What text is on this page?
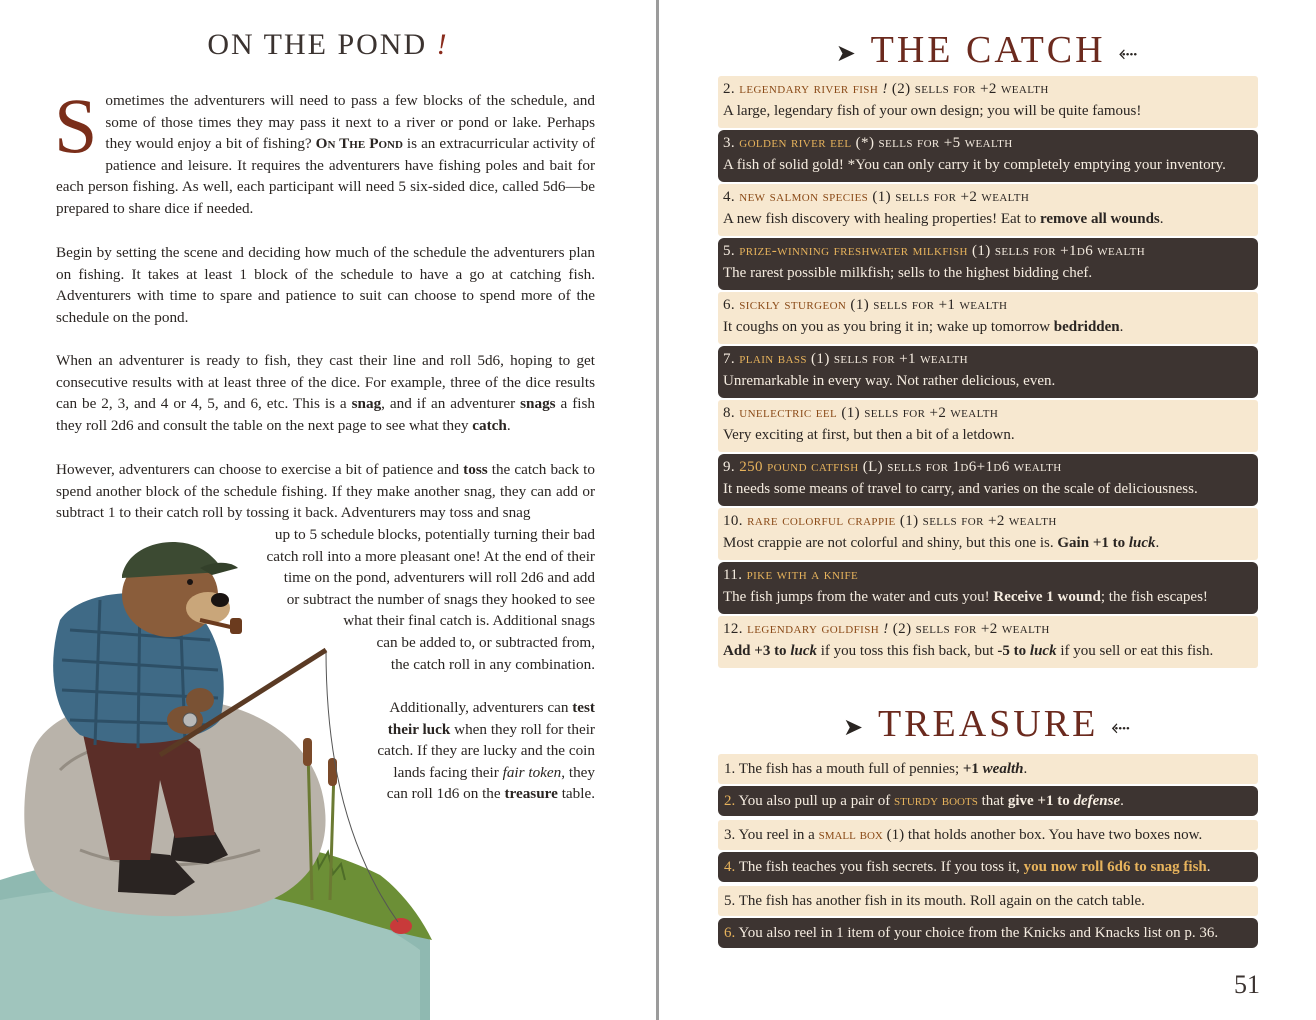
ON THE POND !

Sometimes the adventurers will need to pass a few blocks of the schedule, and some of those times they may pass it next to a river or pond or lake. Perhaps they would enjoy a bit of fishing? On The Pond is an extracurricular activity of patience and leisure. It requires the adventurers have fishing poles and bait for each person fishing. As well, each participant will need 5 six-sided dice, called 5d6—be prepared to share dice if needed.

Begin by setting the scene and deciding how much of the schedule the adventurers plan on fishing. It takes at least 1 block of the schedule to have a go at catching fish. Adventurers with time to spare and patience to suit can choose to spend more of the schedule on the pond.

When an adventurer is ready to fish, they cast their line and roll 5d6, hoping to get consecutive results with at least three of the dice. For example, three of the dice results can be 2, 3, and 4 or 4, 5, and 6, etc. This is a snag, and if an adventurer snags a fish they roll 2d6 and consult the table on the next page to see what they catch.

However, adventurers can choose to exercise a bit of patience and toss the catch back to spend another block of the schedule fishing. If they make another snag, they can add or subtract 1 to their catch roll by tossing it back. Adventurers may toss and snag

up to 5 schedule blocks, potentially turning their bad
catch roll into a more pleasant one! At the end of their
time on the pond, adventurers will roll 2d6 and add
or subtract the number of snags they hooked to see
what their final catch is. Additional snags
can be added to, or subtracted from,
the catch roll in any combination.
Additionally, adventurers can test
their luck when they roll for their
catch. If they are lucky and the coin
lands facing their fair token, they
can roll 1d6 on the treasure table.
➤ THE CATCH ⬸
2. legendary river fish ! (2) sells for +2 wealth
A large, legendary fish of your own design; you will be quite famous!
3. golden river eel (*) sells for +5 wealth
A fish of solid gold! *You can only carry it by completely emptying your inventory.
4. new salmon species (1) sells for +2 wealth
A new fish discovery with healing properties! Eat to remove all wounds.
5. prize-winning freshwater milkfish (1) sells for +1d6 wealth
The rarest possible milkfish; sells to the highest bidding chef.
6. sickly sturgeon (1) sells for +1 wealth
It coughs on you as you bring it in; wake up tomorrow bedridden.
7. plain bass (1) sells for +1 wealth
Unremarkable in every way. Not rather delicious, even.
8. unelectric eel (1) sells for +2 wealth
Very exciting at first, but then a bit of a letdown.
9. 250 pound catfish (L) sells for 1d6+1d6 wealth
It needs some means of travel to carry, and varies on the scale of deliciousness.
10. rare colorful crappie (1) sells for +2 wealth
Most crappie are not colorful and shiny, but this one is. Gain +1 to luck.
11. pike with a knife
The fish jumps from the water and cuts you! Receive 1 wound; the fish escapes!
12. legendary goldfish ! (2) sells for +2 wealth
Add +3 to luck if you toss this fish back, but -5 to luck if you sell or eat this fish.
➤ TREASURE ⬸
1. The fish has a mouth full of pennies; +1 wealth.
2. You also pull up a pair of sturdy boots that give +1 to defense.
3. You reel in a small box (1) that holds another box. You have two boxes now.
4. The fish teaches you fish secrets. If you toss it, you now roll 6d6 to snag fish.
5. The fish has another fish in its mouth. Roll again on the catch table.
6. You also reel in 1 item of your choice from the Knicks and Knacks list on p. 36.
51
